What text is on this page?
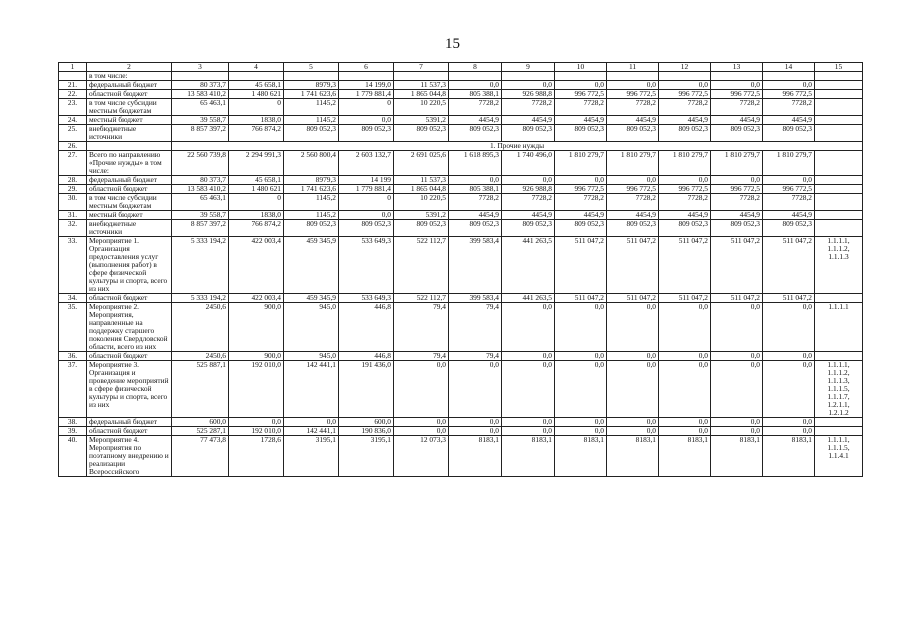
15
1	2	3	4	5	6	7	8	9	10	11	12	13	14	15
	в том числе:													
21.	федеральный бюджет	80 373,7	45 658,1	8979,3	14 199,0	11 537,3	0,0	0,0	0,0	0,0	0,0	0,0	0,0	
22.	областной бюджет	13 583 410,2	1 480 621	1 741 623,6	1 779 881,4	1 865 044,8	805 388,1	926 988,8	996 772,5	996 772,5	996 772,5	996 772,5	996 772,5	
23.	в том числе субсидии местным бюджетам	65 463,1	0	1145,2	0	10 220,5	7728,2	7728,2	7728,2	7728,2	7728,2	7728,2	7728,2	
24.	местный бюджет	39 558,7	1838,0	1145,2	0,0	5391,2	4454,9	4454,9	4454,9	4454,9	4454,9	4454,9	4454,9	
25.	внебюджетные источники	8 857 397,2	766 874,2	809 052,3	809 052,3	809 052,3	809 052,3	809 052,3	809 052,3	809 052,3	809 052,3	809 052,3	809 052,3	
26.		1. Прочие нужды												
27.	Всего по направлению «Прочие нужды» в том числе:	22 560 739,8	2 294 991,3	2 560 800,4	2 603 132,7	2 691 025,6	1 618 895,3	1 740 496,0	1 810 279,7	1 810 279,7	1 810 279,7	1 810 279,7	1 810 279,7	
28.	федеральный бюджет	80 373,7	45 658,1	8979,3	14 199	11 537,3	0,0	0,0	0,0	0,0	0,0	0,0	0,0	
29.	областной бюджет	13 583 410,2	1 480 621	1 741 623,6	1 779 881,4	1 865 044,8	805 388,1	926 988,8	996 772,5	996 772,5	996 772,5	996 772,5	996 772,5	
30.	в том числе субсидии местным бюджетам	65 463,1	0	1145,2	0	10 220,5	7728,2	7728,2	7728,2	7728,2	7728,2	7728,2	7728,2	
31.	местный бюджет	39 558,7	1838,0	1145,2	0,0	5391,2	4454,9	4454,9	4454,9	4454,9	4454,9	4454,9	4454,9	
32.	внебюджетные источники	8 857 397,2	766 874,2	809 052,3	809 052,3	809 052,3	809 052,3	809 052,3	809 052,3	809 052,3	809 052,3	809 052,3	809 052,3	
33.	Мероприятие 1. Организация предоставления услуг (выполнения работ) в сфере физической культуры и спорта, всего из них	5 333 194,2	422 003,4	459 345,9	533 649,3	522 112,7	399 583,4	441 263,5	511 047,2	511 047,2	511 047,2	511 047,2	511 047,2	1.1.1.1, 1.1.1.2, 1.1.1.3
34.	областной бюджет	5 333 194,2	422 003,4	459 345,9	533 649,3	522 112,7	399 583,4	441 263,5	511 047,2	511 047,2	511 047,2	511 047,2	511 047,2	
35.	Мероприятие 2. Мероприятия, направленные на поддержку старшего поколения Свердловской области, всего из них	2450,6	900,0	945,0	446,8	79,4	79,4	0,0	0,0	0,0	0,0	0,0	0,0	1.1.1.1
36.	областной бюджет	2450,6	900,0	945,0	446,8	79,4	79,4	0,0	0,0	0,0	0,0	0,0	0,0	
37.	Мероприятие 3. Организация и проведение мероприятий в сфере физической культуры и спорта, всего из них	525 887,1	192 010,0	142 441,1	191 436,0	0,0	0,0	0,0	0,0	0,0	0,0	0,0	0,0	1.1.1.1, 1.1.1.2, 1.1.1.3, 1.1.1.5, 1.1.1.7, 1.2.1.1, 1.2.1.2
38.	федеральный бюджет	600,0	0,0	0,0	600,0	0,0	0,0	0,0	0,0	0,0	0,0	0,0	0,0	
39.	областной бюджет	525 287,1	192 010,0	142 441,1	190 836,0	0,0	0,0	0,0	0,0	0,0	0,0	0,0	0,0	
40.	Мероприятие 4. Мероприятия по поэтапному внедрению и реализации Всероссийского	77 473,8	1728,6	3195,1	3195,1	12 073,3	8183,1	8183,1	8183,1	8183,1	8183,1	8183,1	8183,1	1.1.1.1, 1.1.1.5, 1.1.4.1
